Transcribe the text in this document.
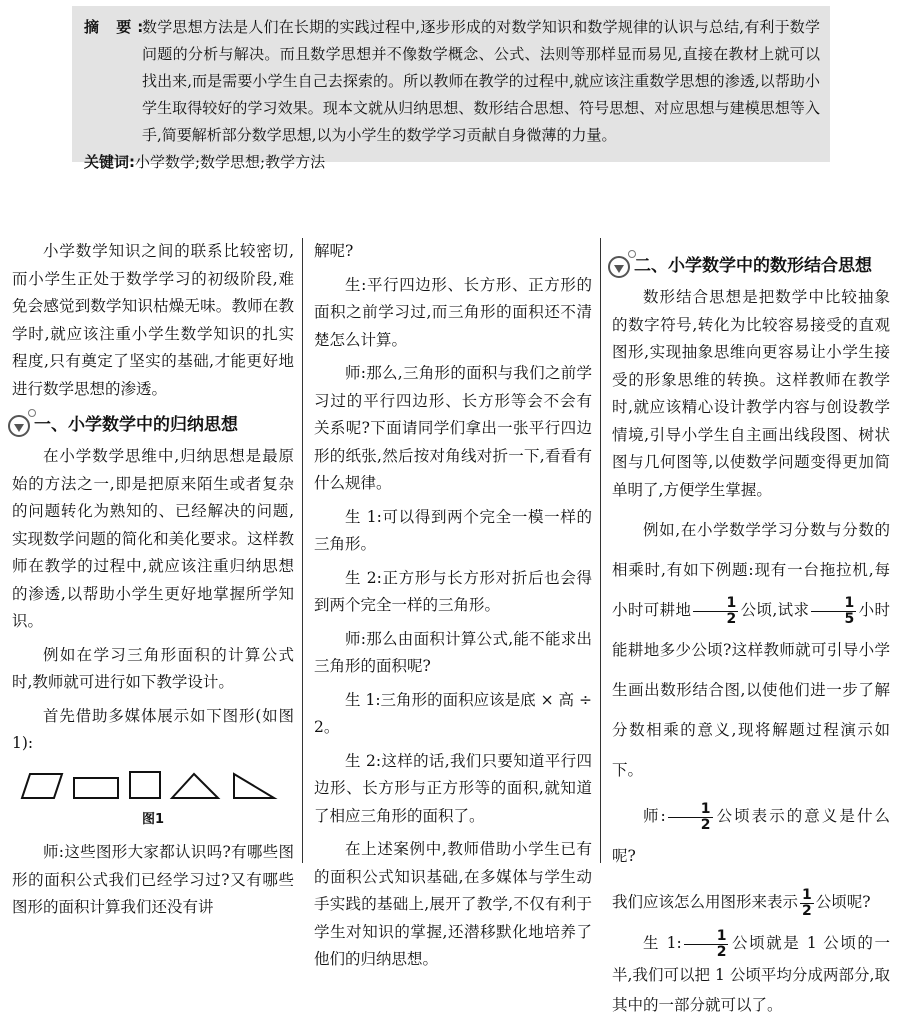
摘 要:
数学思想方法是人们在长期的实践过程中,逐步形成的对数学知识和数学规律的认识与总结,有利于数学问题的分析与解决。而且数学思想并不像数学概念、公式、法则等那样显而易见,直接在教材上就可以找出来,而是需要小学生自己去探索的。所以教师在教学的过程中,就应该注重数学思想的渗透,以帮助小学生取得较好的学习效果。现本文就从归纳思想、数形结合思想、符号思想、对应思想与建模思想等入手,简要解析部分数学思想,以为小学生的数学学习贡献自身微薄的力量。
关键词:小学数学;数学思想;教学方法

小学数学知识之间的联系比较密切,而小学生正处于数学学习的初级阶段,难免会感觉到数学知识枯燥无味。教师在教学时,就应该注重小学生数学知识的扎实程度,只有奠定了坚实的基础,才能更好地进行数学思想的渗透。

一、小学数学中的归纳思想

在小学数学思维中,归纳思想是最原始的方法之一,即是把原来陌生或者复杂的问题转化为熟知的、已经解决的问题,实现数学问题的简化和美化要求。这样教师在教学的过程中,就应该注重归纳思想的渗透,以帮助小学生更好地掌握所学知识。

例如在学习三角形面积的计算公式时,教师就可进行如下教学设计。

首先借助多媒体展示如下图形(如图1):

图1

师:这些图形大家都认识吗?有哪些图形的面积公式我们已经学习过?又有哪些图形的面积计算我们还没有讲

解呢?

生:平行四边形、长方形、正方形的面积之前学习过,而三角形的面积还不清楚怎么计算。

师:那么,三角形的面积与我们之前学习过的平行四边形、长方形等会不会有关系呢?下面请同学们拿出一张平行四边形的纸张,然后按对角线对折一下,看看有什么规律。

生 1:可以得到两个完全一模一样的三角形。

生 2:正方形与长方形对折后也会得到两个完全一样的三角形。

师:那么由面积计算公式,能不能求出三角形的面积呢?

生 1:三角形的面积应该是底 × 高 ÷ 2。

生 2:这样的话,我们只要知道平行四边形、长方形与正方形等的面积,就知道了相应三角形的面积了。

在上述案例中,教师借助小学生已有的面积公式知识基础,在多媒体与学生动手实践的基础上,展开了教学,不仅有利于学生对知识的掌握,还潜移默化地培养了他们的归纳思想。

二、小学数学中的数形结合思想

数形结合思想是把数学中比较抽象的数字符号,转化为比较容易接受的直观图形,实现抽象思维向更容易让小学生接受的形象思维的转换。这样教师在教学时,就应该精心设计教学内容与创设教学情境,引导小学生自主画出线段图、树状图与几何图等,以使数学问题变得更加简单明了,方便学生掌握。

例如,在小学数学学习分数与分数的相乘时,有如下例题:现有一台拖拉机,每小时可耕地 $\frac{1}{2}$ 公顷,试求 $\frac{1}{5}$ 小时能耕地多少公顷?这样教师就可引导小学生画出数形结合图,以使他们进一步了解分数相乘的意义,现将解题过程演示如下。

师: $\frac{1}{2}$ 公顷表示的意义是什么呢?

我们应该怎么用图形来表示 $\frac{1}{2}$ 公顷呢?

生 1: $\frac{1}{2}$ 公顷就是 1 公顷的一半,我们可以把 1 公顷平均分成两部分,取其中的一部分就可以了。
